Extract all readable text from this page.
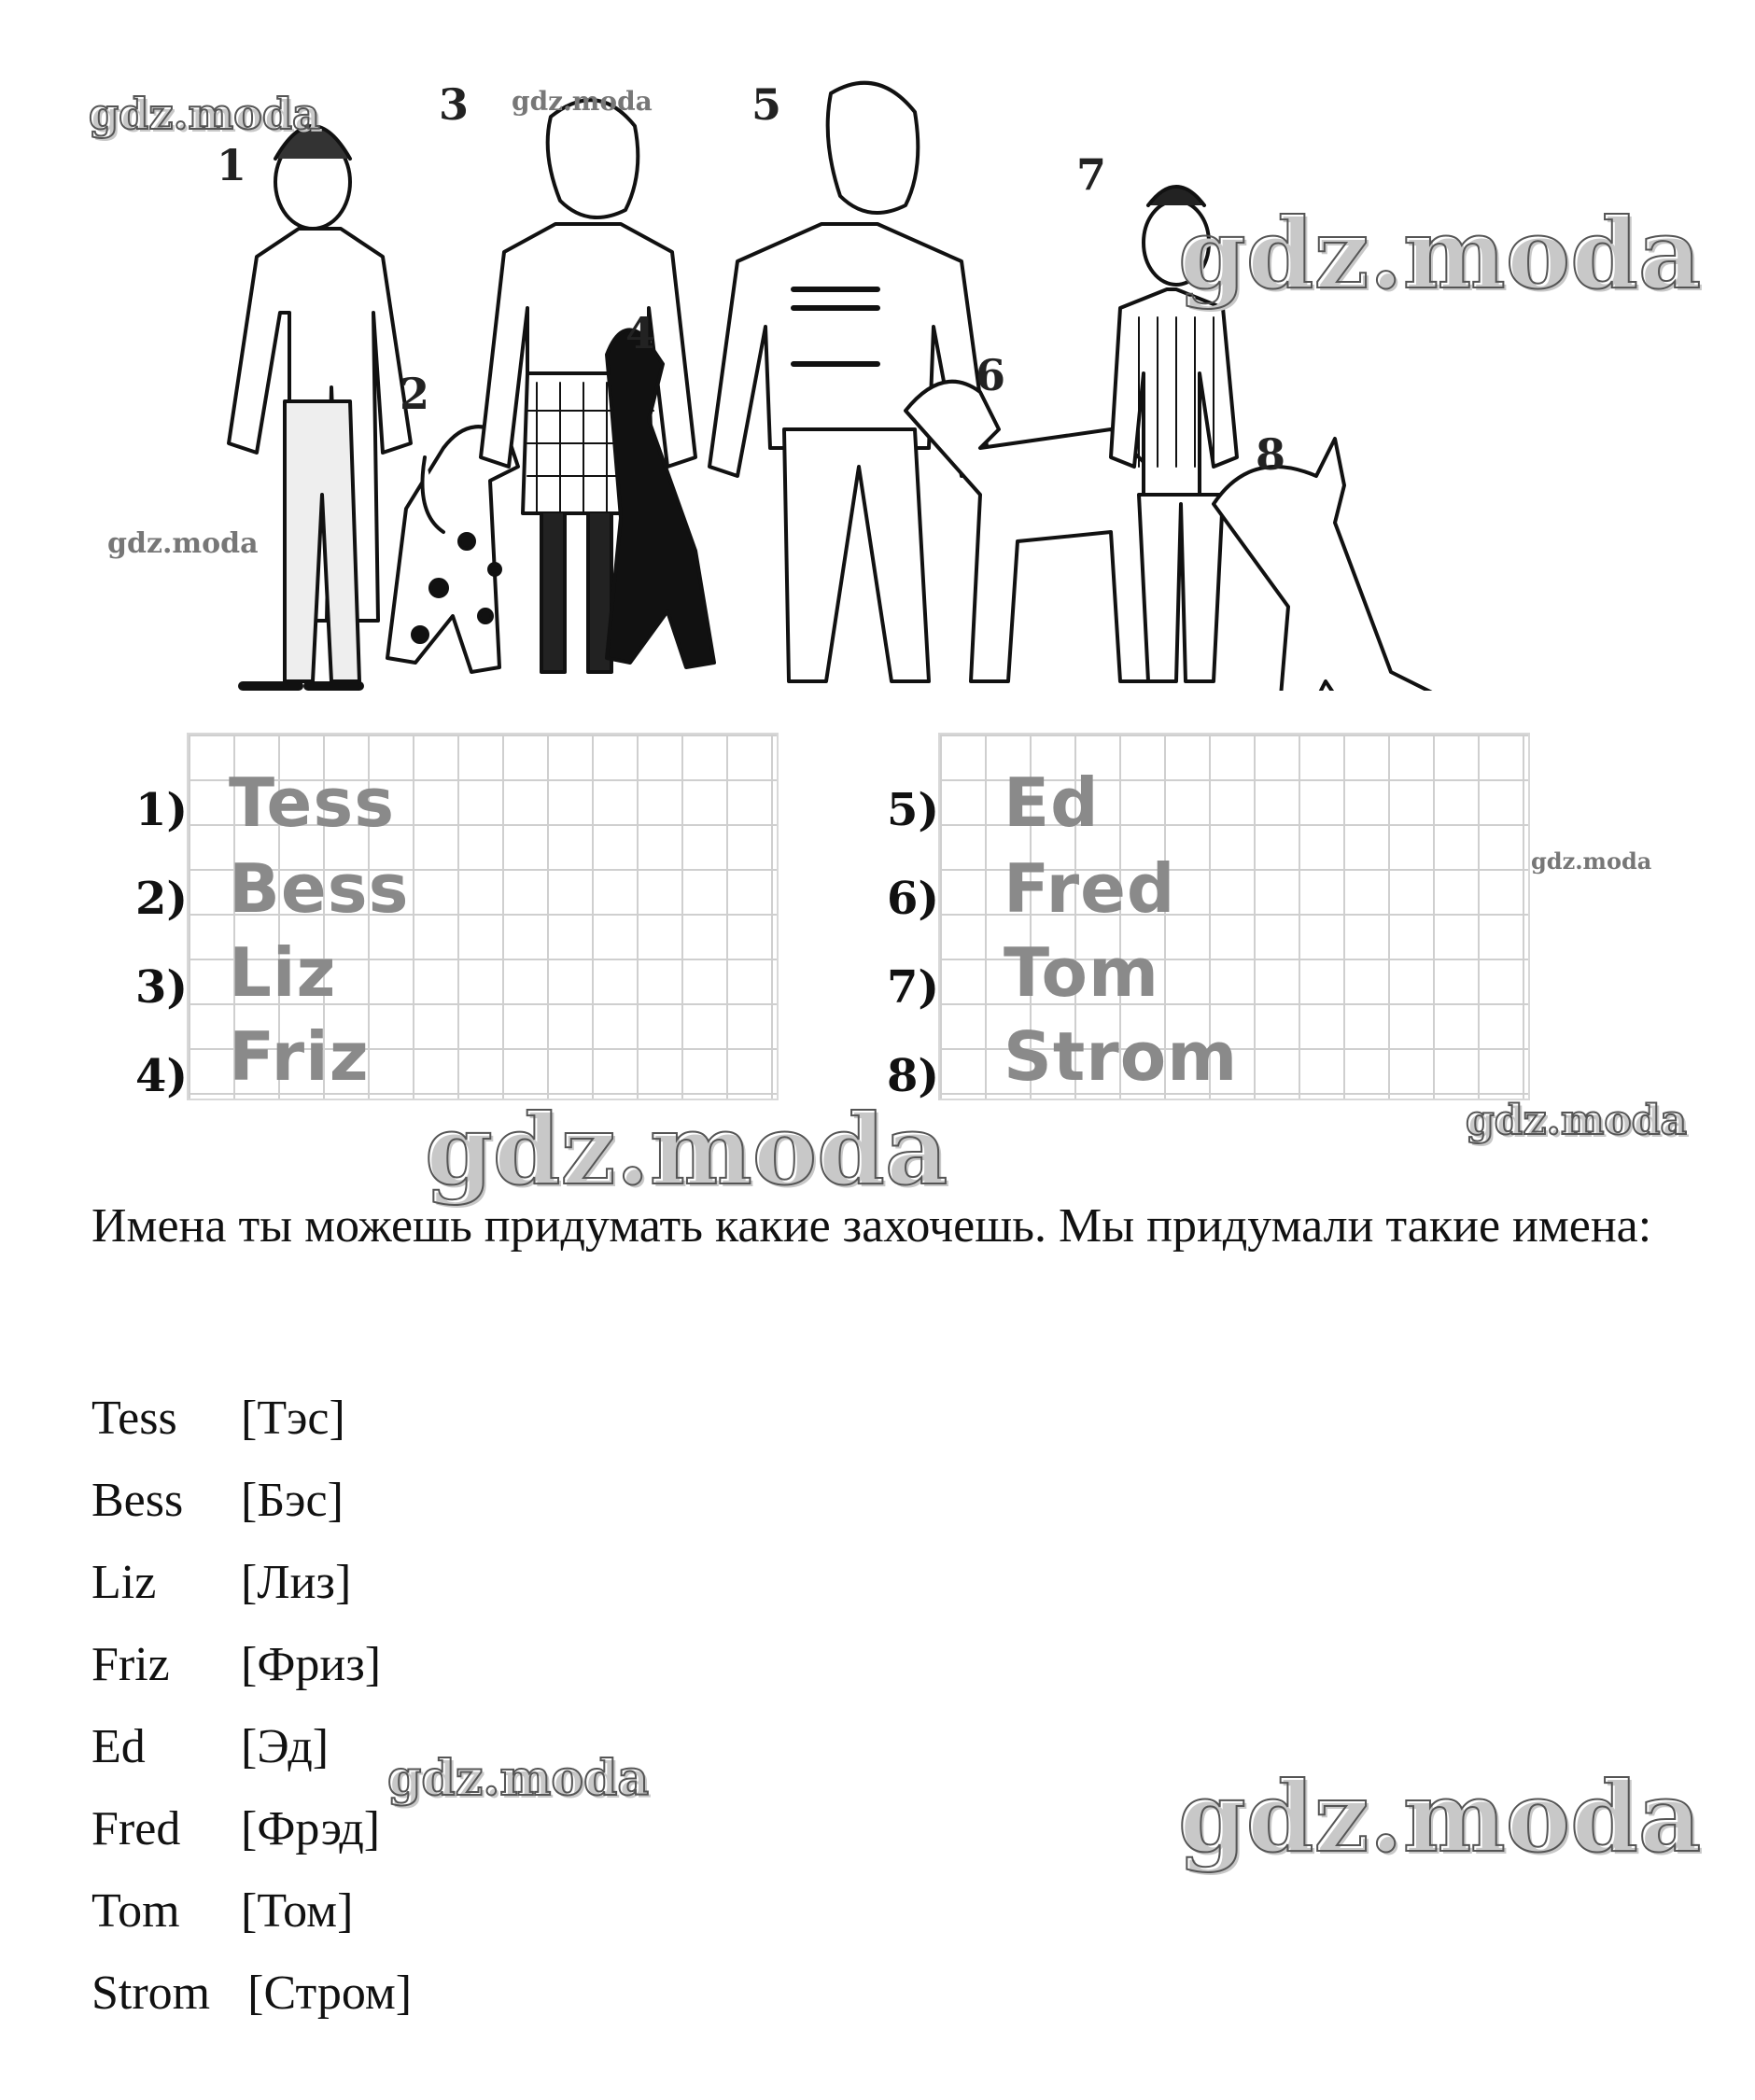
1
2
3
4
5
6
7
8
1) Tess
2) Bess
3) Liz
4) Friz
5) Ed
6) Fred
7) Tom
8) Strom
gdz.moda	gdz.moda
gdz.moda
gdz.moda
gdz.moda
gdz.moda	gdz.moda
gdz.moda	gdz.moda
Имена ты можешь придумать какие захочешь. Мы придумали такие имена:
Tess [Тэс]
Bess [Бэс]
Liz [Лиз]
Friz [Фриз]
Ed [Эд]
Fred [Фрэд]
Tom [Том]
Strom [Стром]
